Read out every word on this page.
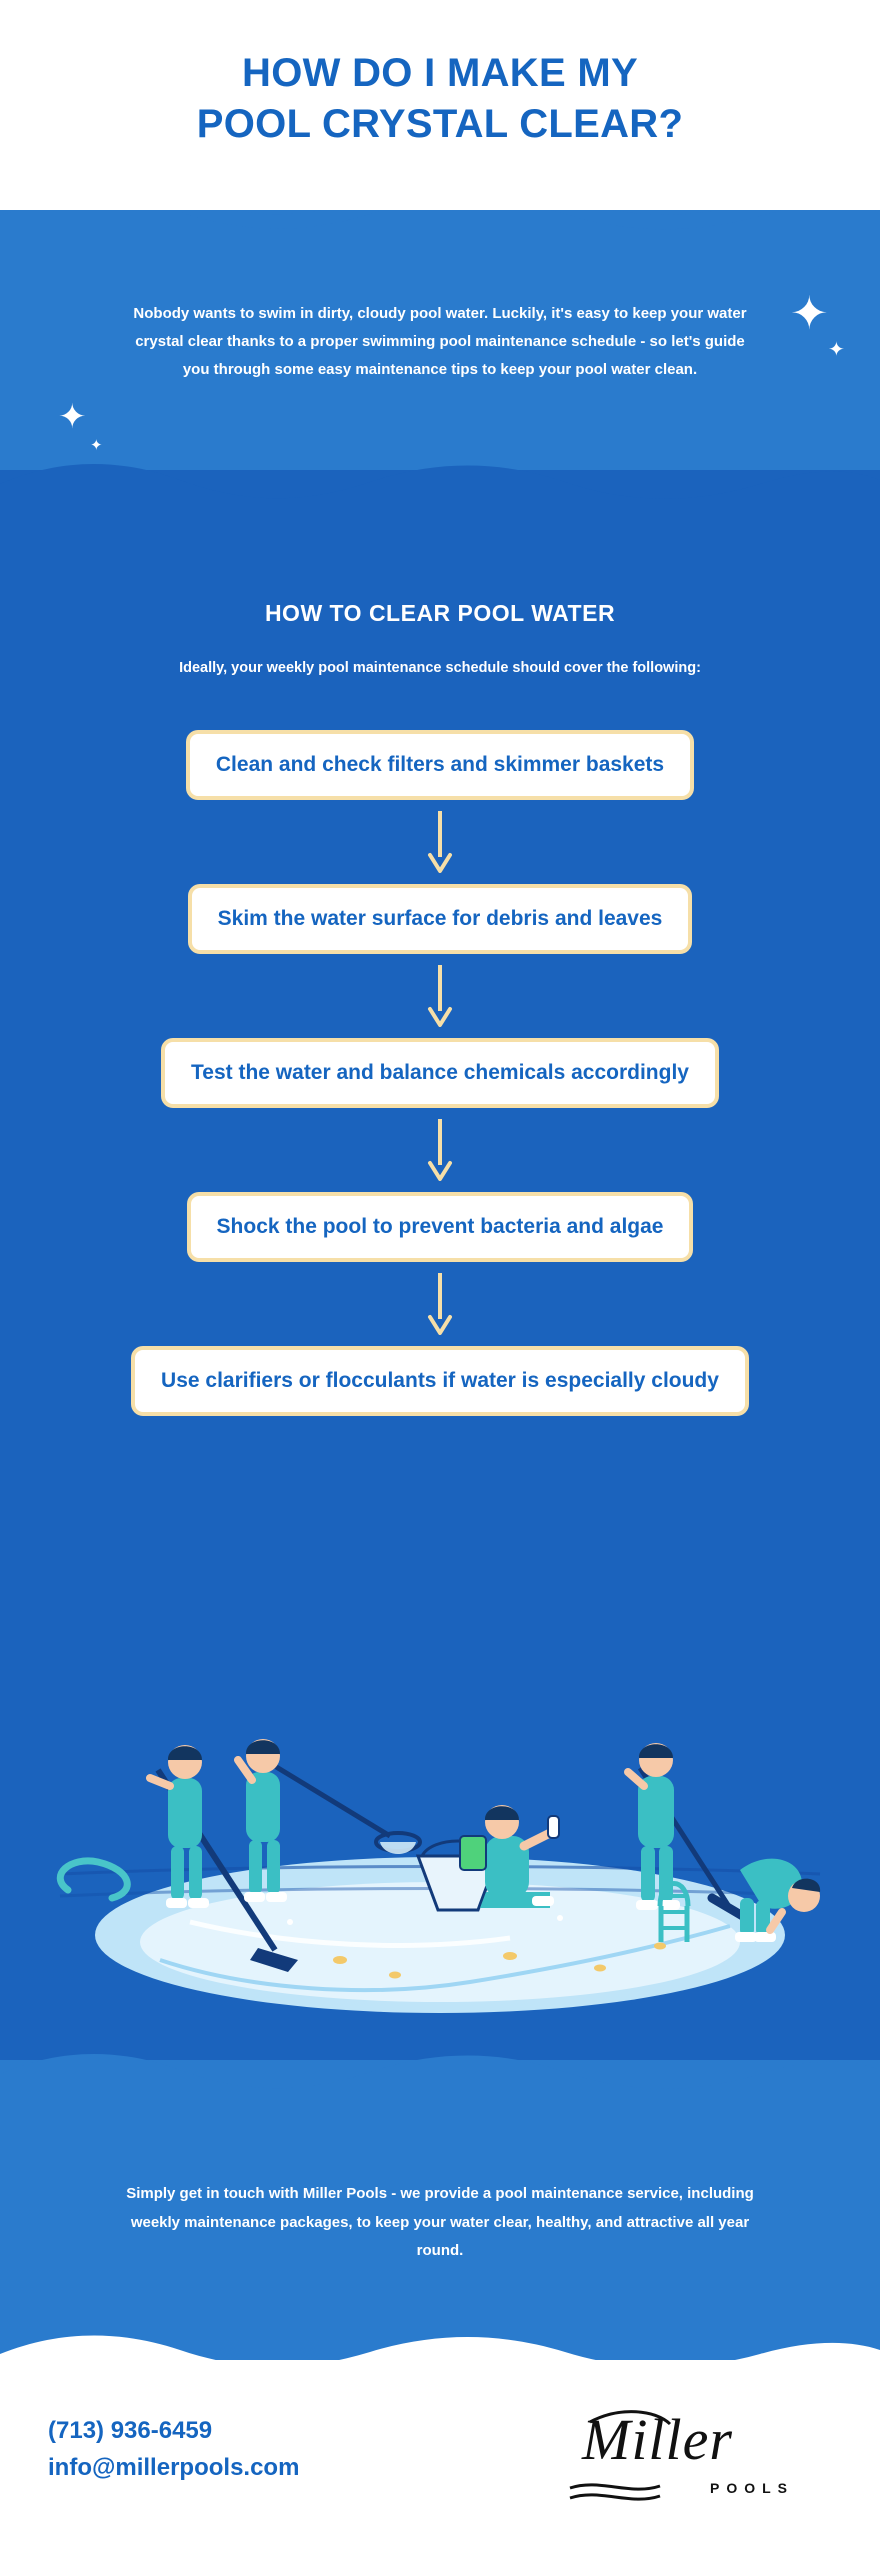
HOW DO I MAKE MY
POOL CRYSTAL CLEAR?
Nobody wants to swim in dirty, cloudy pool water. Luckily, it's easy to keep your water crystal clear thanks to a proper swimming pool maintenance schedule - so let's guide you through some easy maintenance tips to keep your pool water clean.
✦
✦
✦
✦
HOW TO CLEAR POOL WATER
Ideally, your weekly pool maintenance schedule should cover the following:
Clean and check filters and skimmer baskets
Skim the water surface for debris and leaves
Test the water and balance chemicals accordingly
Shock the pool to prevent bacteria and algae
Use clarifiers or flocculants if water is especially cloudy
Simply get in touch with Miller Pools - we provide a pool maintenance service, including weekly maintenance packages, to keep your water clear, healthy, and attractive all year round.
(713) 936-6459
info@millerpools.com	Miller
POOLS
